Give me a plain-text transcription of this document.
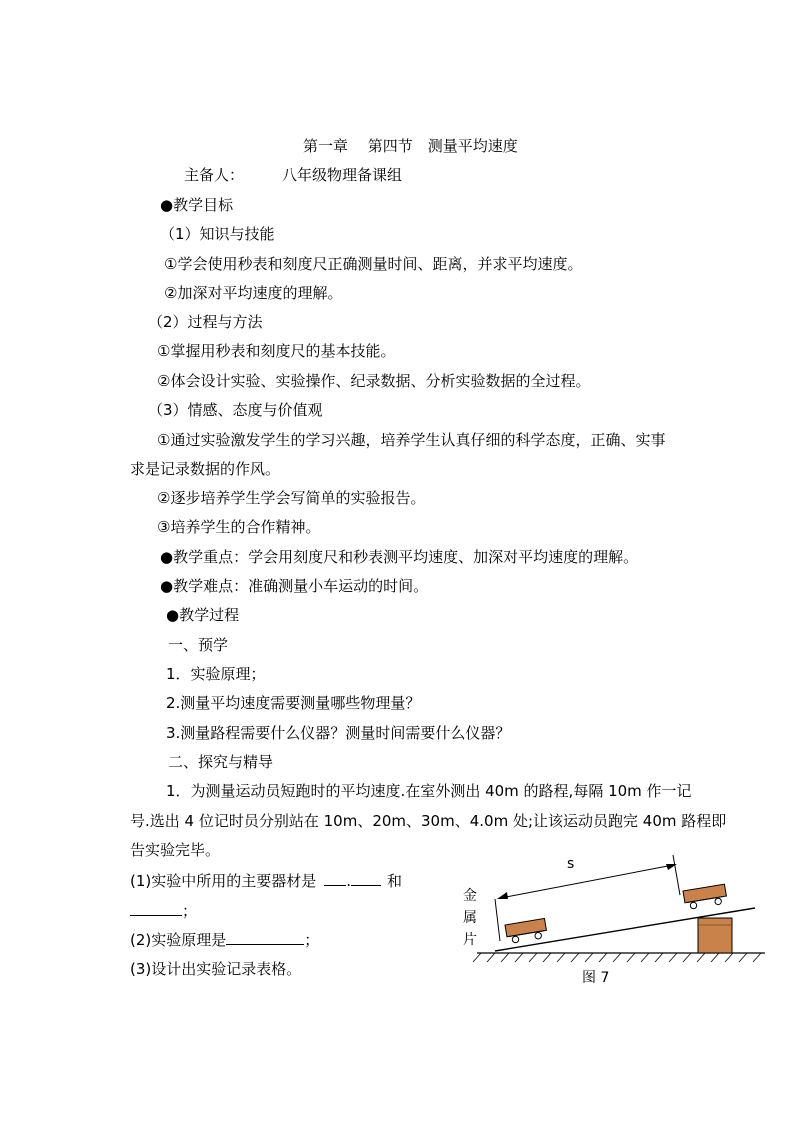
第一章　 第四节　测量平均速度
主备人：	八年级物理备课组
●教学目标
（1）知识与技能
①学会使用秒表和刻度尺正确测量时间、距离，并求平均速度。
②加深对平均速度的理解。
（2）过程与方法
①掌握用秒表和刻度尺的基本技能。
②体会设计实验、实验操作、纪录数据、分析实验数据的全过程。
（3）情感、态度与价值观
①通过实验激发学生的学习兴趣，培养学生认真仔细的科学态度，正确、实事
求是记录数据的作风。
②逐步培养学生学会写简单的实验报告。
③培养学生的合作精神。
●教学重点：学会用刻度尺和秒表测平均速度、加深对平均速度的理解。
●教学难点：准确测量小车运动的时间。
●教学过程
一、预学
1．实验原理；
2.测量平均速度需要测量哪些物理量？
3.测量路程需要什么仪器？测量时间需要什么仪器？
二、探究与精导
1．为测量运动员短跑时的平均速度.在室外测出 40m 的路程,每隔 10m 作一记
号.选出 4 位记时员分别站在 10m、20m、30m、4.0m 处;让该运动员跑完 40m 路程即
告实验完毕。
(1)实验中所用的主要器材是 . 和
；
(2)实验原理是	；
(3)设计出实验记录表格。
s
金
属
片
图 7
